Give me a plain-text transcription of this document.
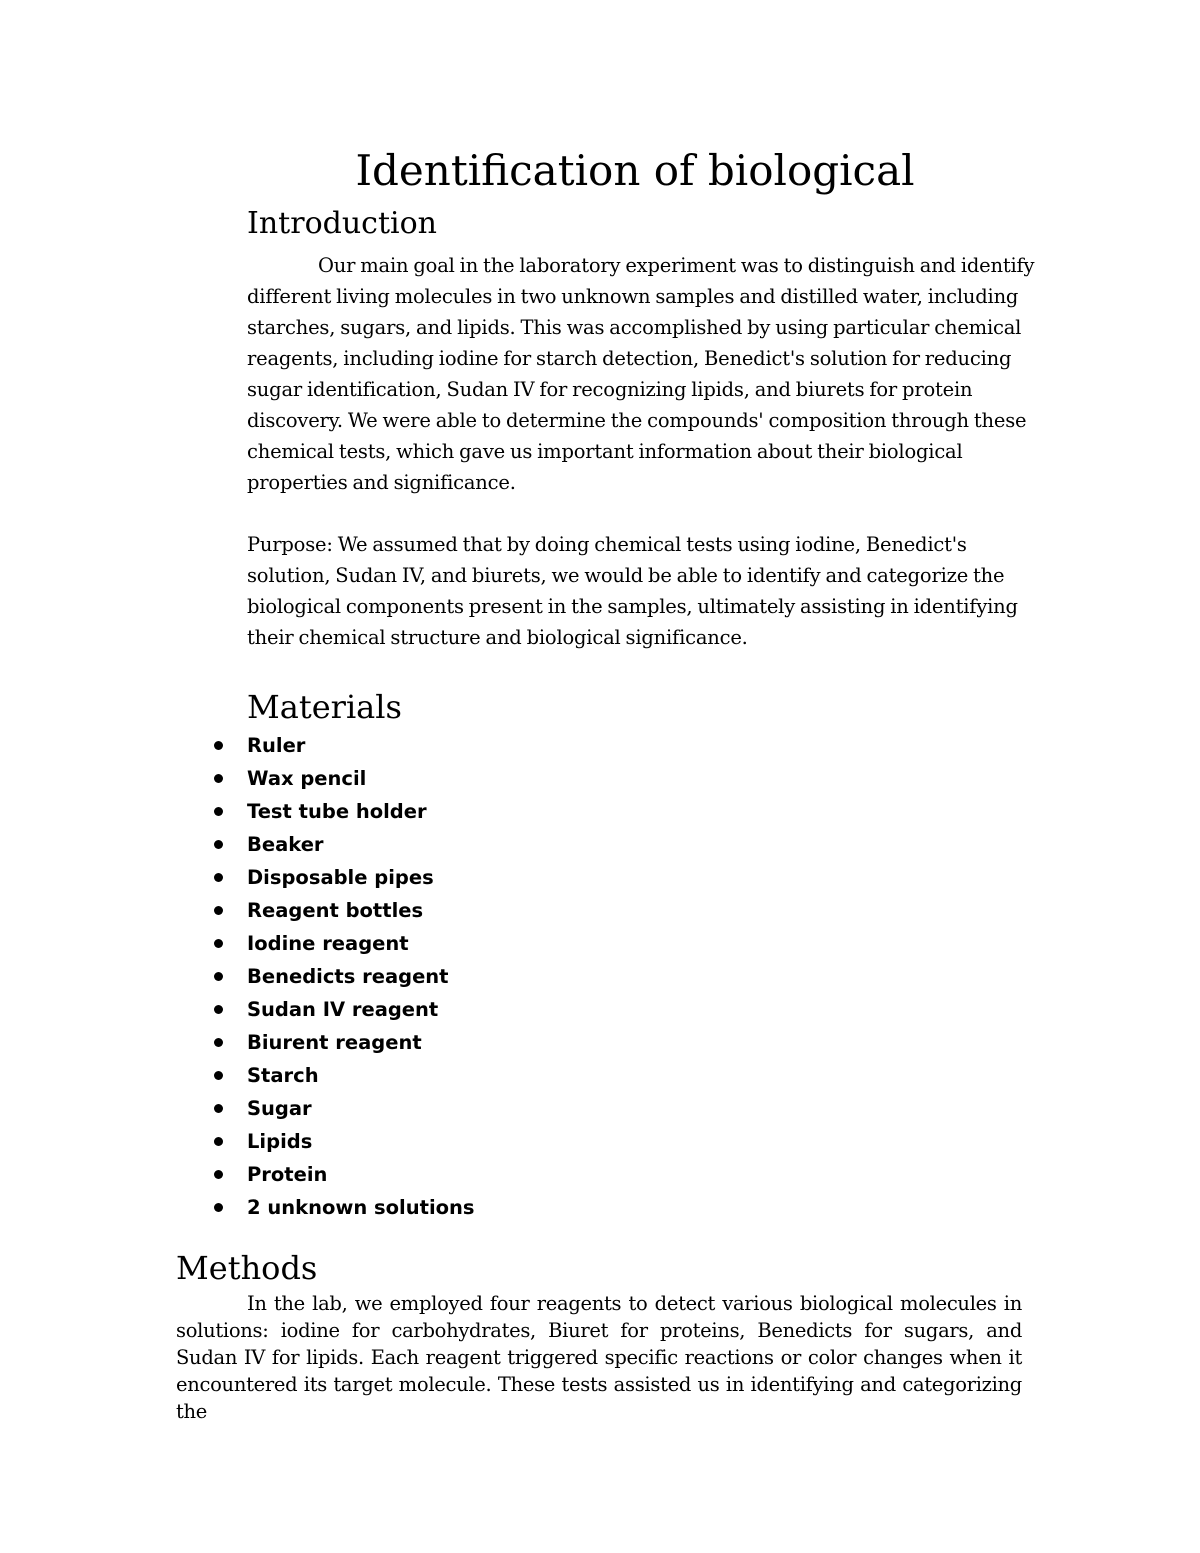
Identification of biological
Introduction

Our main goal in the laboratory experiment was to distinguish and identify different living molecules in two unknown samples and distilled water, including starches, sugars, and lipids. This was accomplished by using particular chemical reagents, including iodine for starch detection, Benedict's solution for reducing sugar identification, Sudan IV for recognizing lipids, and biurets for protein discovery. We were able to determine the compounds' composition through these chemical tests, which gave us important information about their biological properties and significance.

Purpose: We assumed that by doing chemical tests using iodine, Benedict's solution, Sudan IV, and biurets, we would be able to identify and categorize the biological components present in the samples, ultimately assisting in identifying their chemical structure and biological significance.

Materials
Ruler
Wax pencil
Test tube holder
Beaker
Disposable pipes
Reagent bottles
Iodine reagent
Benedicts reagent
Sudan IV reagent
Biurent reagent
Starch
Sugar
Lipids
Protein
2 unknown solutions
Methods

In the lab, we employed four reagents to detect various biological molecules in solutions: iodine for carbohydrates, Biuret for proteins, Benedicts for sugars, and Sudan IV for lipids. Each reagent triggered specific reactions or color changes when it encountered its target molecule. These tests assisted us in identifying and categorizing the
